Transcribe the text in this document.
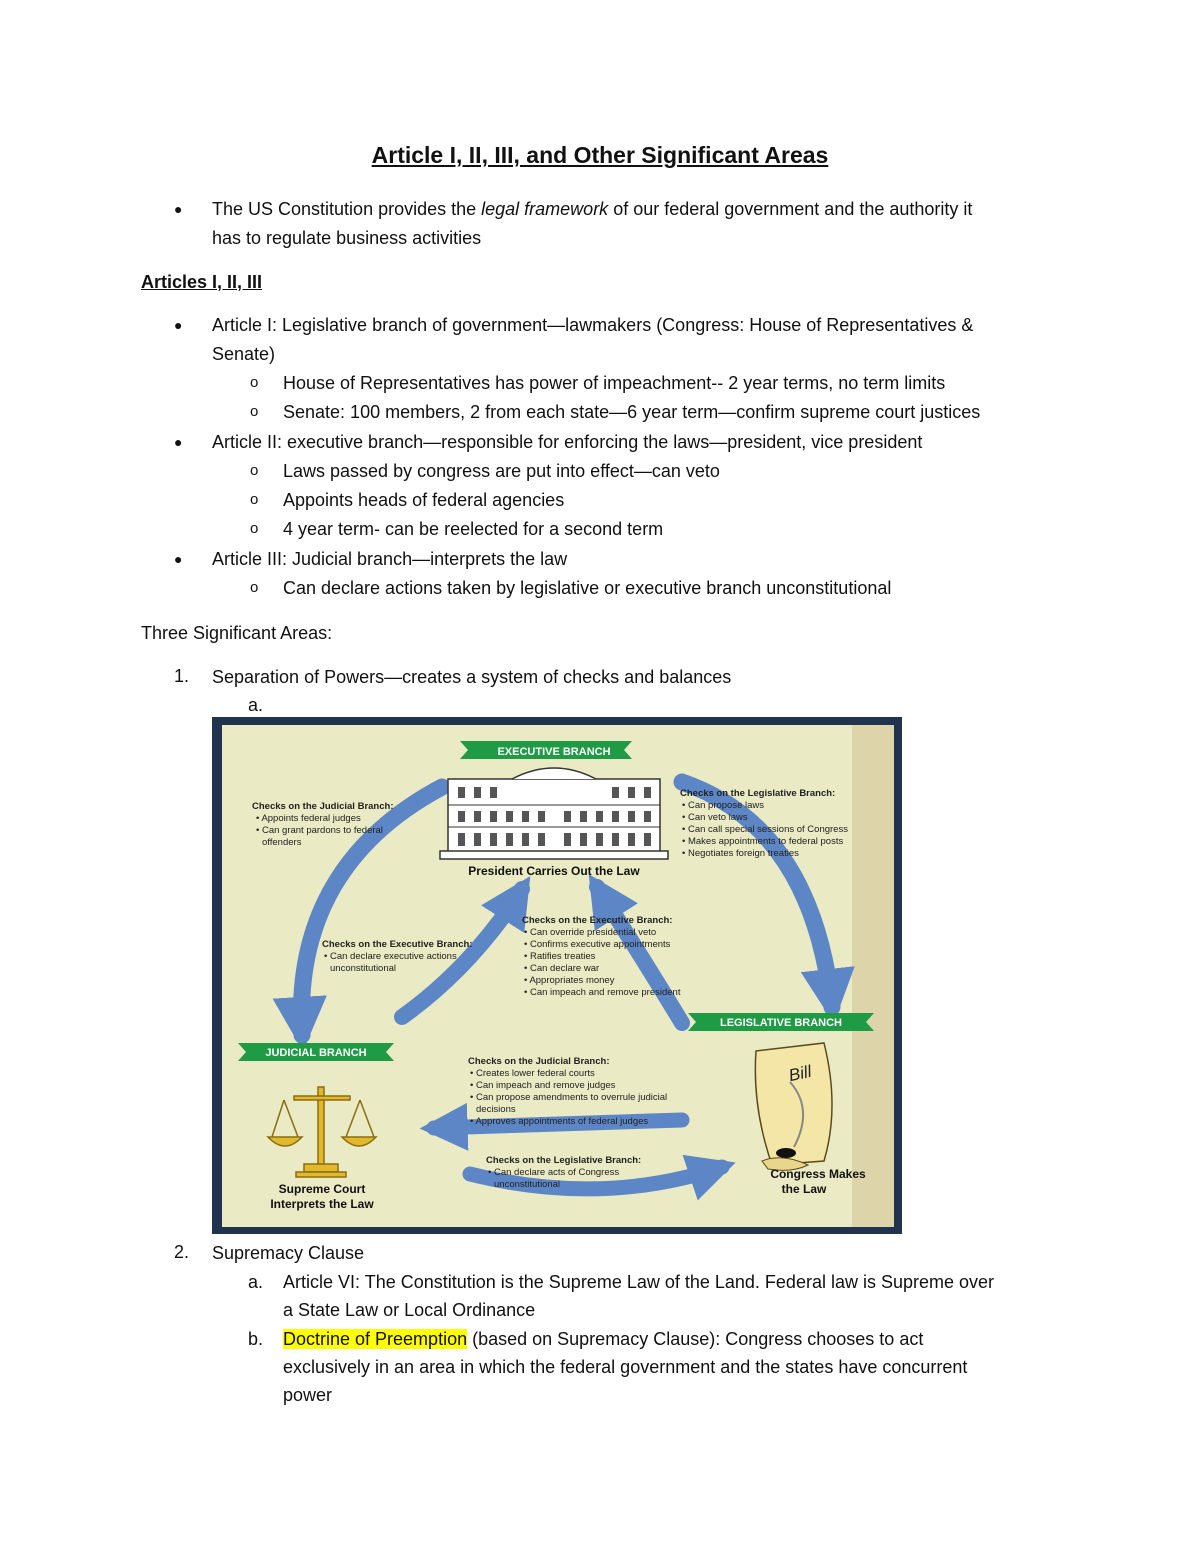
Article I, II, III, and Other Significant Areas
● The US Constitution provides the legal framework of our federal government and the authority it
has to regulate business activities
Articles I, II, III
● Article I: Legislative branch of government—lawmakers (Congress: House of Representatives &
Senate)
o House of Representatives has power of impeachment-- 2 year terms, no term limits
o Senate: 100 members, 2 from each state—6 year term—confirm supreme court justices
● Article II: executive branch—responsible for enforcing the laws—president, vice president
o Laws passed by congress are put into effect—can veto
o Appoints heads of federal agencies
o 4 year term- can be reelected for a second term
● Article III: Judicial branch—interprets the law
o Can declare actions taken by legislative or executive branch unconstitutional
Three Significant Areas:
1. Separation of Powers—creates a system of checks and balances
a.
EXECUTIVE BRANCH
LEGISLATIVE BRANCH
JUDICIAL BRANCH
President Carries Out the Law
Supreme Court
Interprets the Law
Bill
Congress Makes
the Law
Checks on the Judicial Branch:
• Appoints federal judges
• Can grant pardons to federal
offenders
Checks on the Legislative Branch:
• Can propose laws
• Can veto laws
• Can call special sessions of Congress
• Makes appointments to federal posts
• Negotiates foreign treaties
Checks on the Executive Branch:
• Can override presidential veto
• Confirms executive appointments
• Ratifies treaties
• Can declare war
• Appropriates money
• Can impeach and remove president
Checks on the Executive Branch:
• Can declare executive actions
unconstitutional
Checks on the Judicial Branch:
• Creates lower federal courts
• Can impeach and remove judges
• Can propose amendments to overrule judicial
decisions
• Approves appointments of federal judges
Checks on the Legislative Branch:
• Can declare acts of Congress
unconstitutional
2. Supremacy Clause
a. Article VI: The Constitution is the Supreme Law of the Land. Federal law is Supreme over
a State Law or Local Ordinance
b. Doctrine of Preemption (based on Supremacy Clause): Congress chooses to act
exclusively in an area in which the federal government and the states have concurrent
power
